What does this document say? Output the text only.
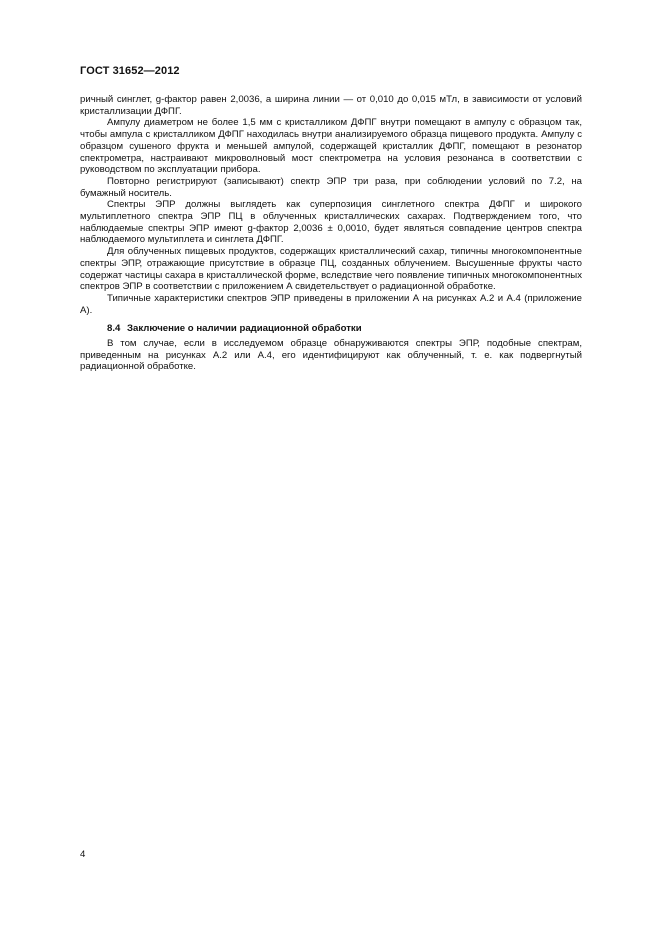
ГОСТ 31652—2012

ричный синглет, g-фактор равен 2,0036, а ширина линии — от 0,010 до 0,015 мТл, в зависимости от условий кристаллизации ДФПГ.

Ампулу диаметром не более 1,5 мм с кристалликом ДФПГ внутри помещают в ампулу с образцом так, чтобы ампула с кристалликом ДФПГ находилась внутри анализируемого образца пищевого продукта. Ампулу с образцом сушеного фрукта и меньшей ампулой, содержащей кристаллик ДФПГ, помещают в резонатор спектрометра, настраивают микроволновый мост спектрометра на условия резонанса в соответствии с руководством по эксплуатации прибора.

Повторно регистрируют (записывают) спектр ЭПР три раза, при соблюдении условий по 7.2, на бумажный носитель.

Спектры ЭПР должны выглядеть как суперпозиция синглетного спектра ДФПГ и широкого мультиплетного спектра ЭПР ПЦ в облученных кристаллических сахарах. Подтверждением того, что наблюдаемые спектры ЭПР имеют g-фактор 2,0036 ± 0,0010, будет являться совпадение центров спектра наблюдаемого мультиплета и синглета ДФПГ.

Для облученных пищевых продуктов, содержащих кристаллический сахар, типичны многокомпонентные спектры ЭПР, отражающие присутствие в образце ПЦ, созданных облучением. Высушенные фрукты часто содержат частицы сахара в кристаллической форме, вследствие чего появление типичных многокомпонентных спектров ЭПР в соответствии с приложением А свидетельствует о радиационной обработке.

Типичные характеристики спектров ЭПР приведены в приложении А на рисунках А.2 и А.4 (приложение А).

8.4 Заключение о наличии радиационной обработки

В том случае, если в исследуемом образце обнаруживаются спектры ЭПР, подобные спектрам, приведенным на рисунках А.2 или А.4, его идентифицируют как облученный, т. е. как подвергнутый радиационной обработке.

4
